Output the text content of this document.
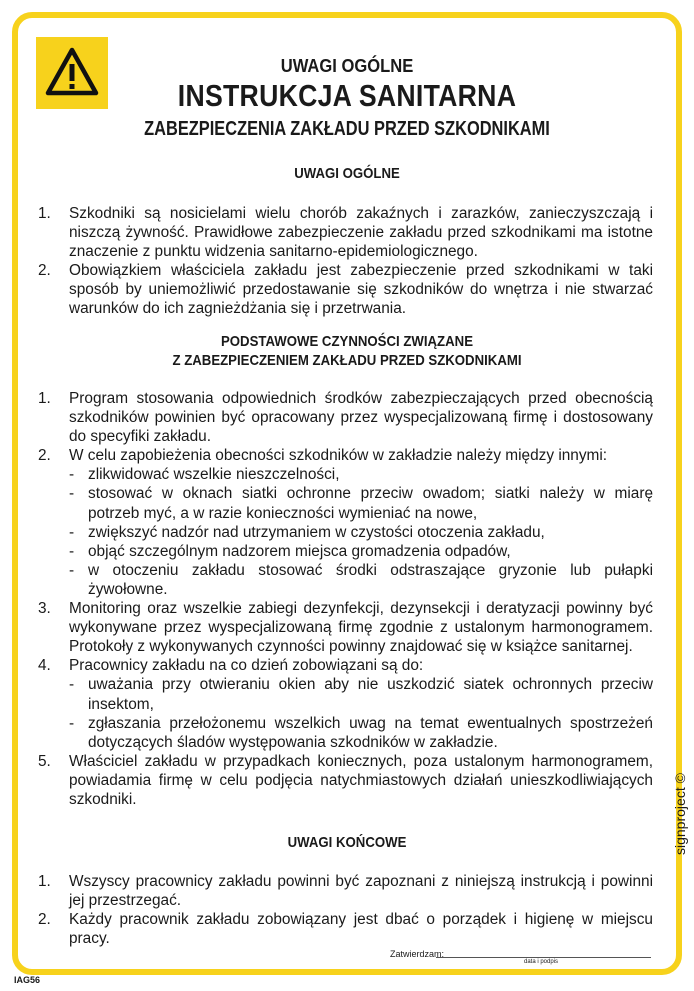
UWAGI OGÓLNE
INSTRUKCJA SANITARNA
ZABEZPIECZENIA ZAKŁADU PRZED SZKODNIKAMI
UWAGI OGÓLNE
1. Szkodniki są nosicielami wielu chorób zakaźnych i zarazków, zanieczyszczają i niszczą żywność. Prawidłowe zabezpieczenie zakładu przed szkodnikami ma istotne znaczenie z punktu widzenia sanitarno-epidemiologicznego.
2. Obowiązkiem właściciela zakładu jest zabezpieczenie przed szkodnikami w taki sposób by uniemożliwić przedostawanie się szkodników do wnętrza i nie stwarzać warunków do ich zagnieżdżania się i przetrwania.
PODSTAWOWE CZYNNOŚCI ZWIĄZANE
Z ZABEZPIECZENIEM ZAKŁADU PRZED SZKODNIKAMI
1. Program stosowania odpowiednich środków zabezpieczających przed obecnością szkodników powinien być opracowany przez wyspecjalizowaną firmę i dostosowany do specyfiki zakładu.
2. W celu zapobieżenia obecności szkodników w zakładzie należy między innymi:
- zlikwidować wszelkie nieszczelności,
- stosować w oknach siatki ochronne przeciw owadom; siatki należy w miarę potrzeb myć, a w razie konieczności wymieniać na nowe,
- zwiększyć nadzór nad utrzymaniem w czystości otoczenia zakładu,
- objąć szczególnym nadzorem miejsca gromadzenia odpadów,
- w otoczeniu zakładu stosować środki odstraszające gryzonie lub pułapki żywołowne.
3. Monitoring oraz wszelkie zabiegi dezynfekcji, dezynsekcji i deratyzacji powinny być wykonywane przez wyspecjalizowaną firmę zgodnie z ustalonym harmonogramem. Protokoły z wykonywanych czynności powinny znajdować się w książce sanitarnej.
4. Pracownicy zakładu na co dzień zobowiązani są do:
- uważania przy otwieraniu okien aby nie uszkodzić siatek ochronnych przeciw insektom,
- zgłaszania przełożonemu wszelkich uwag na temat ewentualnych spostrzeżeń dotyczących śladów występowania szkodników w zakładzie.
5. Właściciel zakładu w przypadkach koniecznych, poza ustalonym harmonogramem, powiadamia firmę w celu podjęcia natychmiastowych działań unieszkodliwiających szkodniki.
UWAGI KOŃCOWE
1. Wszyscy pracownicy zakładu powinni być zapoznani z niniejszą instrukcją i powinni jej przestrzegać.
2. Każdy pracownik zakładu zobowiązany jest dbać o porządek i higienę w miejscu pracy.
signproject ©
Zatwierdzam:
data i podpis
IAG56
